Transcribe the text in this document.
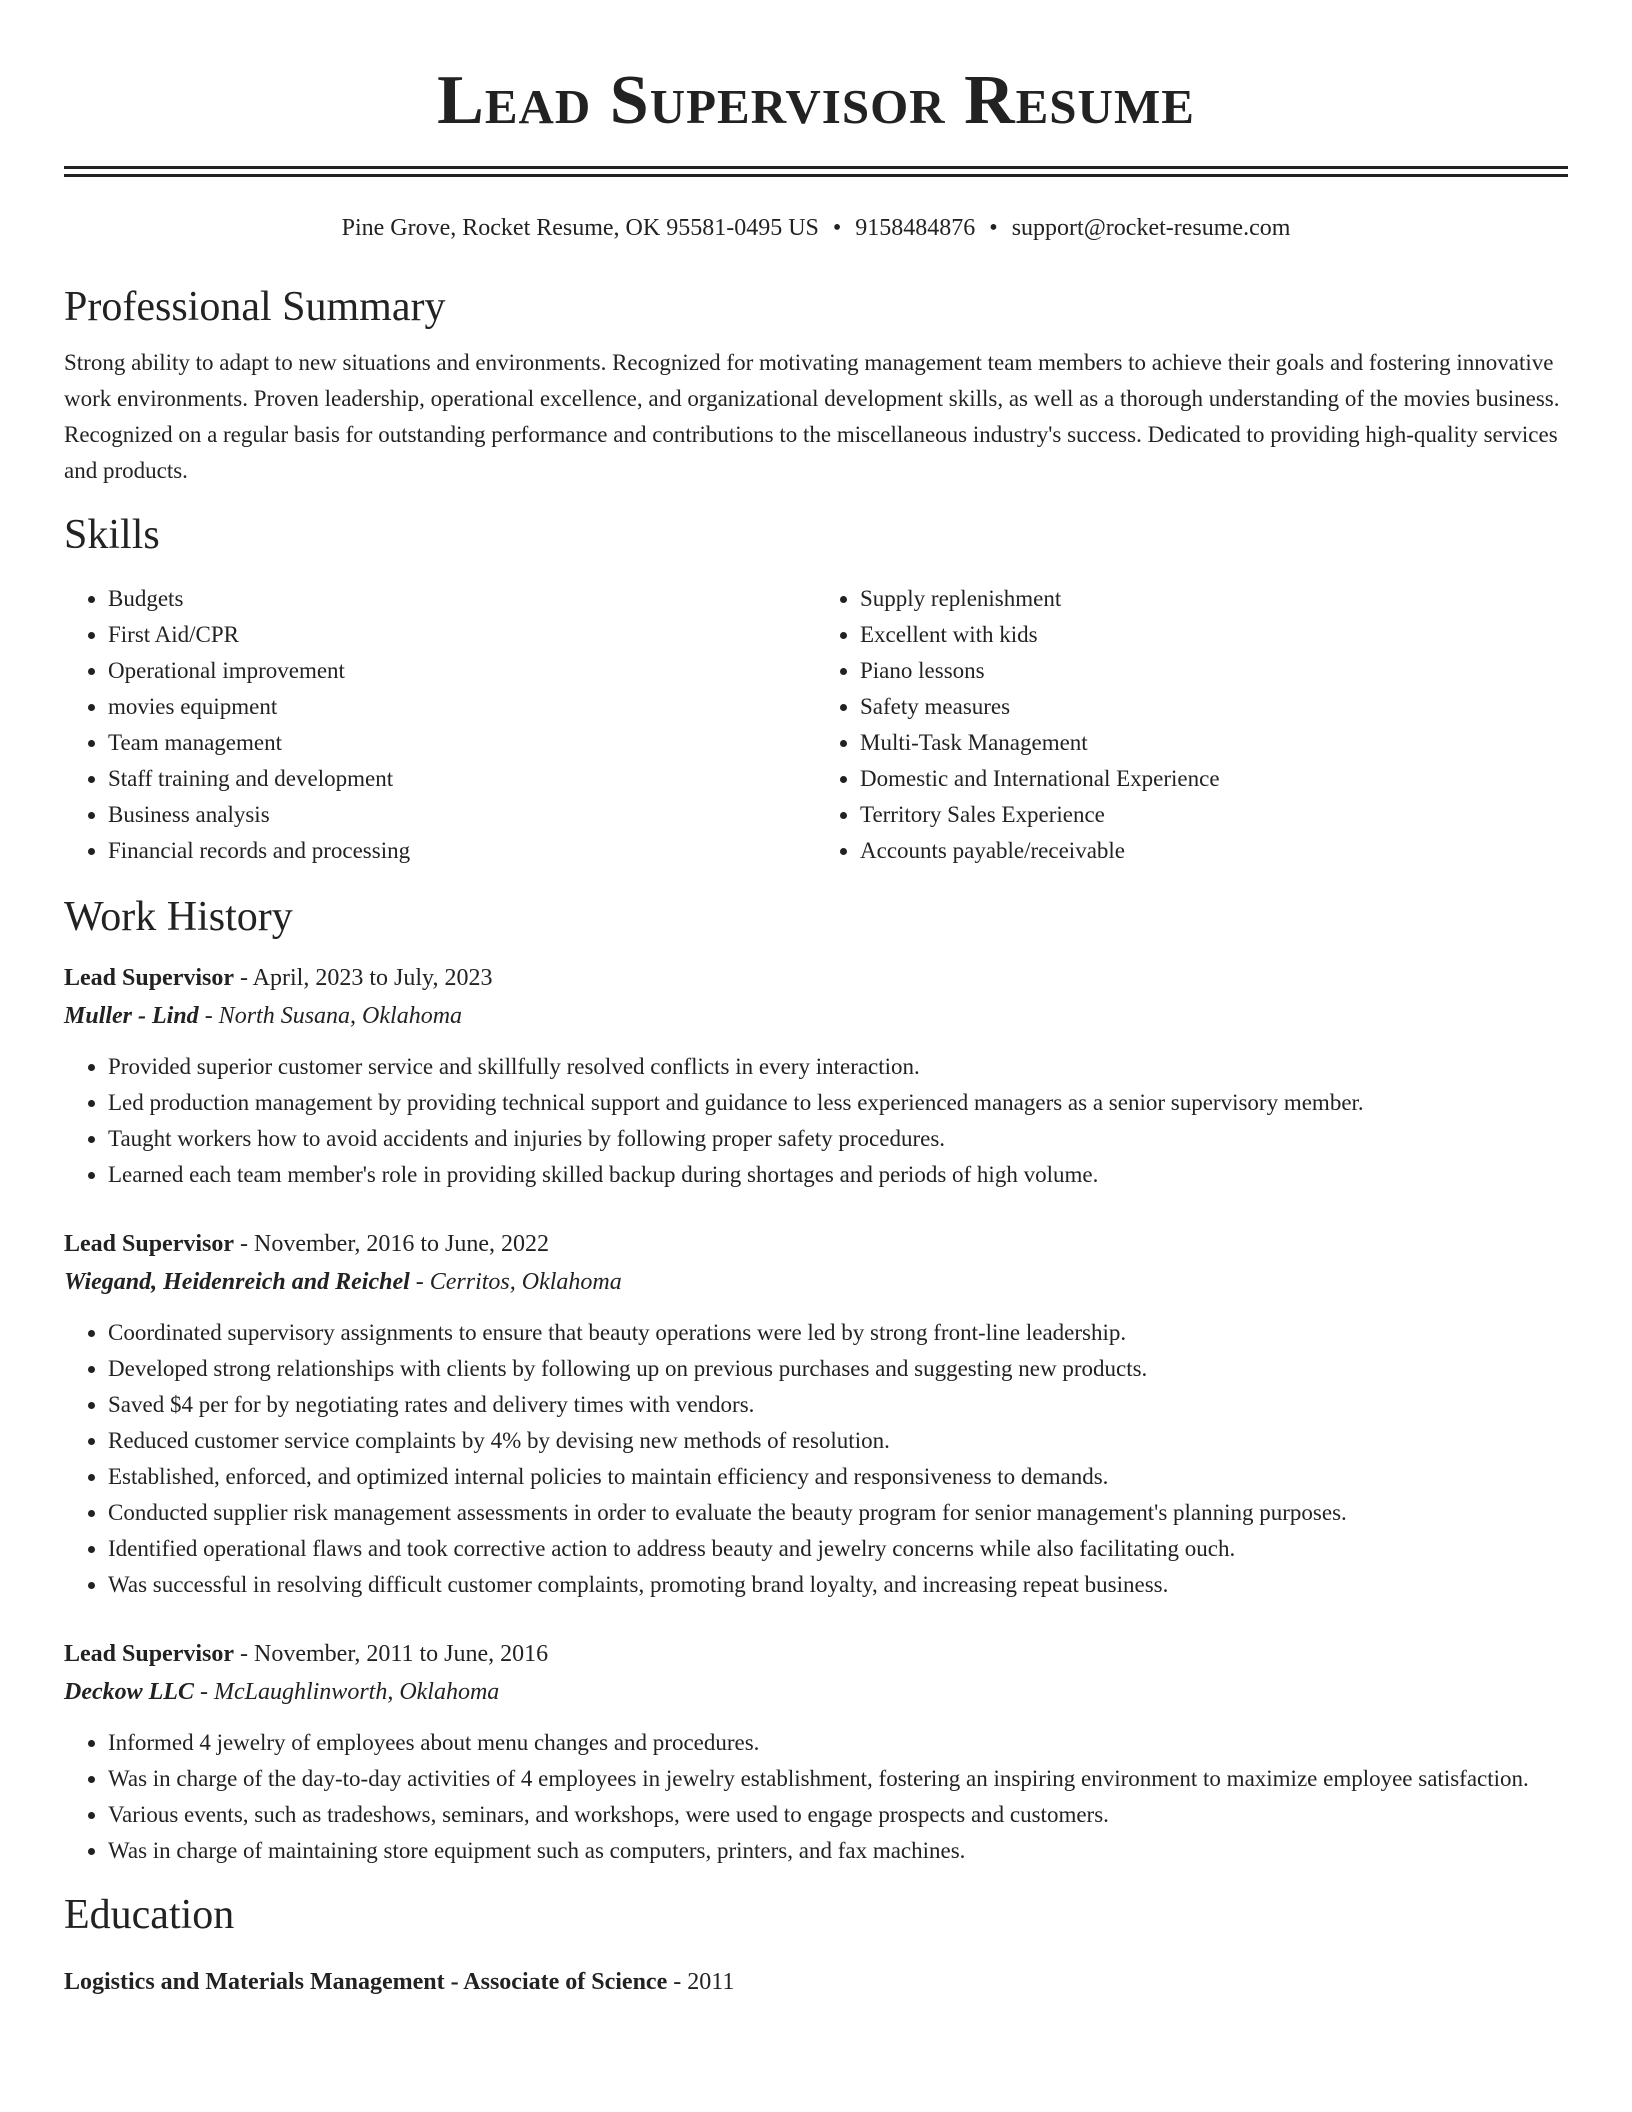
Lead Supervisor Resume
Pine Grove, Rocket Resume, OK 95581-0495 US • 9158484876 • support@rocket-resume.com
Professional Summary

Strong ability to adapt to new situations and environments. Recognized for motivating management team members to achieve their goals and fostering innovative work environments. Proven leadership, operational excellence, and organizational development skills, as well as a thorough understanding of the movies business. Recognized on a regular basis for outstanding performance and contributions to the miscellaneous industry's success. Dedicated to providing high-quality services and products.

Skills
• Budgets
• First Aid/CPR
• Operational improvement
• movies equipment
• Team management
• Staff training and development
• Business analysis
• Financial records and processing
• Supply replenishment
• Excellent with kids
• Piano lessons
• Safety measures
• Multi-Task Management
• Domestic and International Experience
• Territory Sales Experience
• Accounts payable/receivable
Work History
Lead Supervisor - April, 2023 to July, 2023
Muller - Lind - North Susana, Oklahoma
• Provided superior customer service and skillfully resolved conflicts in every interaction.
• Led production management by providing technical support and guidance to less experienced managers as a senior supervisory member.
• Taught workers how to avoid accidents and injuries by following proper safety procedures.
• Learned each team member's role in providing skilled backup during shortages and periods of high volume.
Lead Supervisor - November, 2016 to June, 2022
Wiegand, Heidenreich and Reichel - Cerritos, Oklahoma
• Coordinated supervisory assignments to ensure that beauty operations were led by strong front-line leadership.
• Developed strong relationships with clients by following up on previous purchases and suggesting new products.
• Saved $4 per for by negotiating rates and delivery times with vendors.
• Reduced customer service complaints by 4% by devising new methods of resolution.
• Established, enforced, and optimized internal policies to maintain efficiency and responsiveness to demands.
• Conducted supplier risk management assessments in order to evaluate the beauty program for senior management's planning purposes.
• Identified operational flaws and took corrective action to address beauty and jewelry concerns while also facilitating ouch.
• Was successful in resolving difficult customer complaints, promoting brand loyalty, and increasing repeat business.
Lead Supervisor - November, 2011 to June, 2016
Deckow LLC - McLaughlinworth, Oklahoma
• Informed 4 jewelry of employees about menu changes and procedures.
• Was in charge of the day-to-day activities of 4 employees in jewelry establishment, fostering an inspiring environment to maximize employee satisfaction.
• Various events, such as tradeshows, seminars, and workshops, were used to engage prospects and customers.
• Was in charge of maintaining store equipment such as computers, printers, and fax machines.
Education
Logistics and Materials Management - Associate of Science - 2011
